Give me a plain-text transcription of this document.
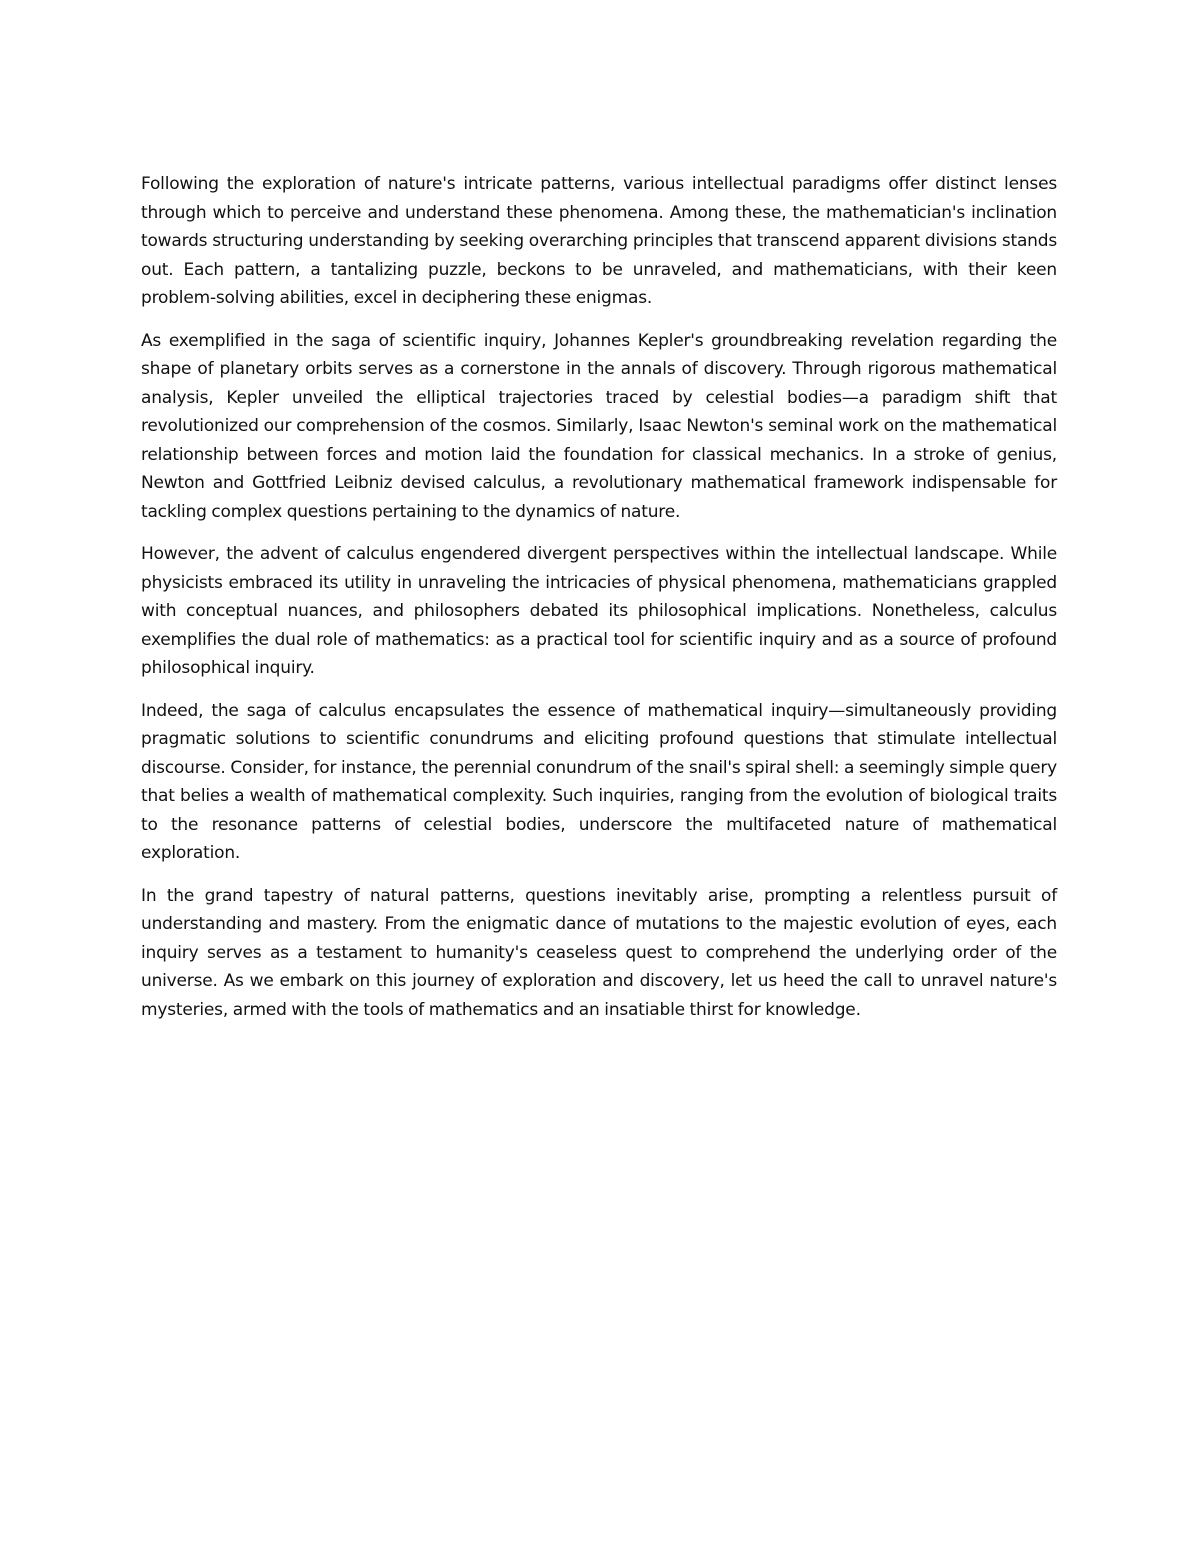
Following the exploration of nature's intricate patterns, various intellectual paradigms offer distinct lenses through which to perceive and understand these phenomena. Among these, the mathematician's inclination towards structuring understanding by seeking overarching principles that transcend apparent divisions stands out. Each pattern, a tantalizing puzzle, beckons to be unraveled, and mathematicians, with their keen problem-solving abilities, excel in deciphering these enigmas.

As exemplified in the saga of scientific inquiry, Johannes Kepler's groundbreaking revelation regarding the shape of planetary orbits serves as a cornerstone in the annals of discovery. Through rigorous mathematical analysis, Kepler unveiled the elliptical trajectories traced by celestial bodies—a paradigm shift that revolutionized our comprehension of the cosmos. Similarly, Isaac Newton's seminal work on the mathematical relationship between forces and motion laid the foundation for classical mechanics. In a stroke of genius, Newton and Gottfried Leibniz devised calculus, a revolutionary mathematical framework indispensable for tackling complex questions pertaining to the dynamics of nature.

However, the advent of calculus engendered divergent perspectives within the intellectual landscape. While physicists embraced its utility in unraveling the intricacies of physical phenomena, mathematicians grappled with conceptual nuances, and philosophers debated its philosophical implications. Nonetheless, calculus exemplifies the dual role of mathematics: as a practical tool for scientific inquiry and as a source of profound philosophical inquiry.

Indeed, the saga of calculus encapsulates the essence of mathematical inquiry—simultaneously providing pragmatic solutions to scientific conundrums and eliciting profound questions that stimulate intellectual discourse. Consider, for instance, the perennial conundrum of the snail's spiral shell: a seemingly simple query that belies a wealth of mathematical complexity. Such inquiries, ranging from the evolution of biological traits to the resonance patterns of celestial bodies, underscore the multifaceted nature of mathematical exploration.

In the grand tapestry of natural patterns, questions inevitably arise, prompting a relentless pursuit of understanding and mastery. From the enigmatic dance of mutations to the majestic evolution of eyes, each inquiry serves as a testament to humanity's ceaseless quest to comprehend the underlying order of the universe. As we embark on this journey of exploration and discovery, let us heed the call to unravel nature's mysteries, armed with the tools of mathematics and an insatiable thirst for knowledge.
